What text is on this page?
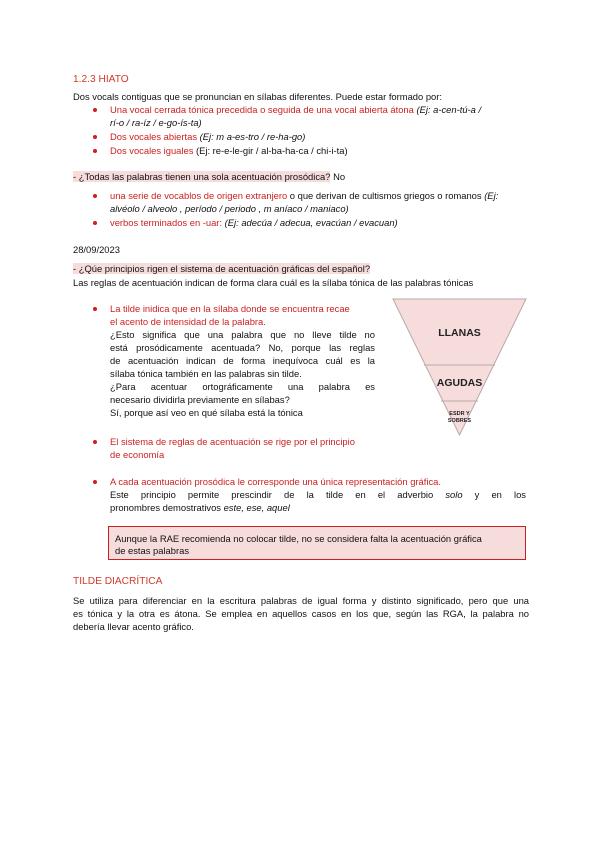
1.2.3 HIATO
Dos vocals contiguas que se pronuncian en sílabas diferentes. Puede estar formado por:
Una vocal cerrada tónica precedida o seguida de una vocal abierta átona (Ej: a-cen-tú-a /
rí-o / ra-íz / e-go-ís-ta)
Dos vocales abiertas (Ej: m a-es-tro / re-ha-go)
Dos vocales iguales (Ej: re-e-le-gir / al-ba-ha-ca / chi-i-ta)
- ¿Todas las palabras tienen una sola acentuación prosódica? No
una serie de vocablos de origen extranjero o que derivan de cultismos griegos o romanos (Ej:
alvéolo / alveolo , período / periodo , m aníaco / maniaco)
verbos terminados en -uar: (Ej: adecúa / adecua, evacúan / evacuan)
28/09/2023
- ¿Qúe principios rigen el sistema de acentuación gráficas del español?
Las reglas de acentuación indican de forma clara cuál es la sílaba tónica de las palabras tónicas
La tilde inidica que en la sílaba donde se encuentra recae
el acento de intensidad de la palabra.
¿Esto significa que una palabra que no lleve tilde no
está prosódicamente acentuada? No, porque las reglas
de acentuación indican de forma inequívoca cuál es la
sílaba tónica también en las palabras sin tilde.
¿Para acentuar ortográficamente una palabra es
necesario dividirla previamente en sílabas?
Sí, porque así veo en qué sílaba está la tónica
LLANAS
AGUDAS
ESDR Y
SOBRES
El sistema de reglas de acentuación se rige por el principio
de economía
A cada acentuación prosódica le corresponde una única representación gráfica.
Este principio permite prescindir de la tilde en el adverbio solo y en los
pronombres demostrativos este, ese, aquel
Aunque la RAE recomienda no colocar tilde, no se considera falta la acentuación gráfica
de estas palabras
TILDE DIACRÍTICA
Se utiliza para diferenciar en la escritura palabras de igual forma y distinto significado, pero que una
es tónica y la otra es átona. Se emplea en aquellos casos en los que, según las RGA, la palabra no
debería llevar acento gráfico.
